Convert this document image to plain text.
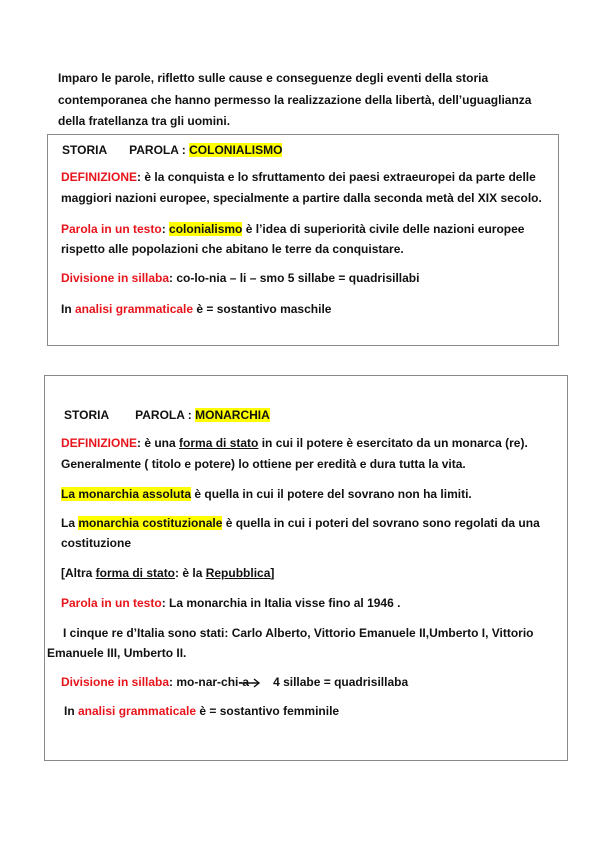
Imparo le parole, rifletto sulle cause e conseguenze degli eventi della storia
contemporanea che hanno permesso la realizzazione della libertà, dell’uguaglianza
della fratellanza tra gli uomini.
STORIA PAROLA : COLONIALISMO
DEFINIZIONE: è la conquista e lo sfruttamento dei paesi extraeuropei da parte delle
maggiori nazioni europee, specialmente a partire dalla seconda metà del XIX secolo.
Parola in un testo: colonialismo è l’idea di superiorità civile delle nazioni europee
rispetto alle popolazioni che abitano le terre da conquistare.
Divisione in sillaba: co-lo-nia – li – smo 5 sillabe = quadrisillabi
In analisi grammaticale è = sostantivo maschile
STORIA PAROLA : MONARCHIA
DEFINIZIONE: è una forma di stato in cui il potere è esercitato da un monarca (re).
Generalmente ( titolo e potere) lo ottiene per eredità e dura tutta la vita.
La monarchia assoluta è quella in cui il potere del sovrano non ha limiti.
La monarchia costituzionale è quella in cui i poteri del sovrano sono regolati da una
costituzione
[Altra forma di stato: è la Repubblica]
Parola in un testo: La monarchia in Italia visse fino al 1946 .
I cinque re d’Italia sono stati: Carlo Alberto, Vittorio Emanuele II,Umberto I, Vittorio
Emanuele III, Umberto II.
Divisione in sillaba: mo-nar-chi-a 4 sillabe = quadrisillaba
In analisi grammaticale è = sostantivo femminile
